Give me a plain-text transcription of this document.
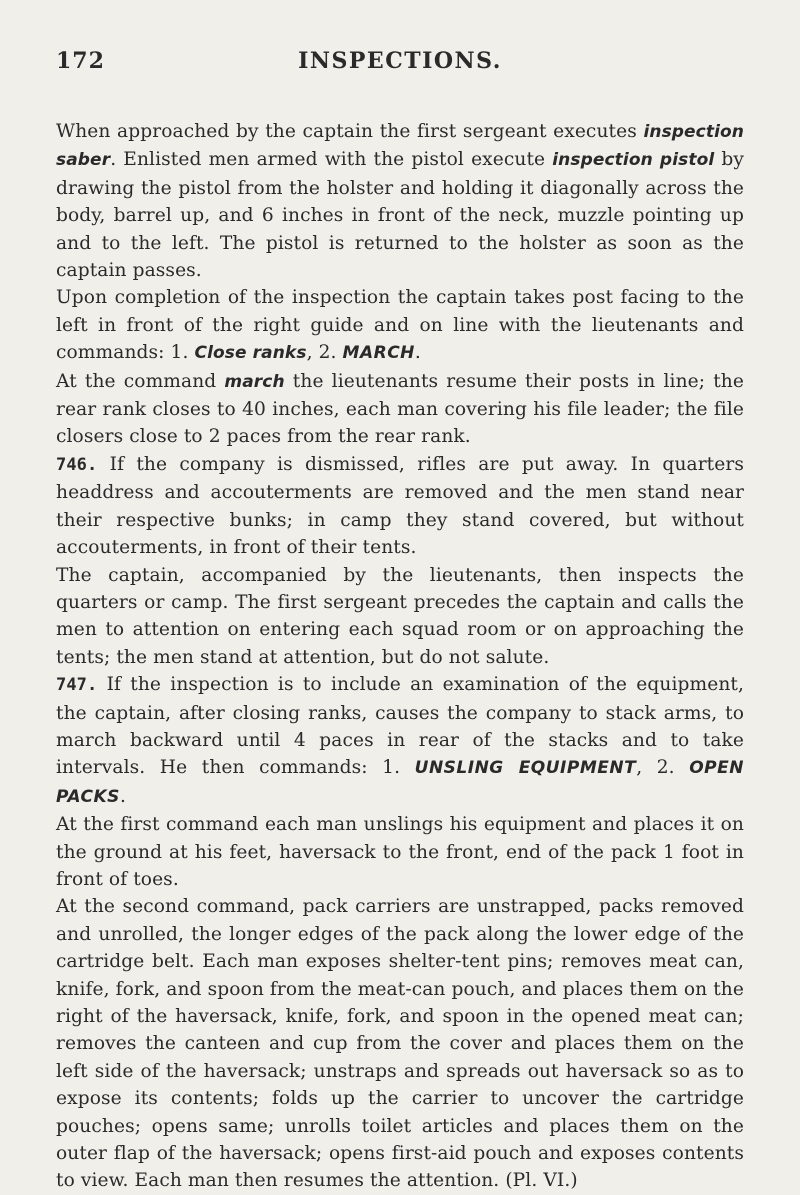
172	INSPECTIONS.

When approached by the captain the first sergeant executes inspection saber. Enlisted men armed with the pistol execute inspection pistol by drawing the pistol from the holster and holding it diagonally across the body, barrel up, and 6 inches in front of the neck, muzzle pointing up and to the left. The pistol is returned to the holster as soon as the captain passes.

Upon completion of the inspection the captain takes post facing to the left in front of the right guide and on line with the lieutenants and commands: 1. Close ranks, 2. MARCH.

At the command march the lieutenants resume their posts in line; the rear rank closes to 40 inches, each man covering his file leader; the file closers close to 2 paces from the rear rank.

746. If the company is dismissed, rifles are put away. In quarters headdress and accouterments are removed and the men stand near their respective bunks; in camp they stand covered, but without accouterments, in front of their tents.

The captain, accompanied by the lieutenants, then inspects the quarters or camp. The first sergeant precedes the captain and calls the men to attention on entering each squad room or on approaching the tents; the men stand at attention, but do not salute.

747. If the inspection is to include an examination of the equipment, the captain, after closing ranks, causes the company to stack arms, to march backward until 4 paces in rear of the stacks and to take intervals. He then commands: 1. UNSLING EQUIPMENT, 2. OPEN PACKS.

At the first command each man unslings his equipment and places it on the ground at his feet, haversack to the front, end of the pack 1 foot in front of toes.

At the second command, pack carriers are unstrapped, packs removed and unrolled, the longer edges of the pack along the lower edge of the cartridge belt. Each man exposes shelter-tent pins; removes meat can, knife, fork, and spoon from the meat-can pouch, and places them on the right of the haversack, knife, fork, and spoon in the opened meat can; removes the canteen and cup from the cover and places them on the left side of the haversack; unstraps and spreads out haversack so as to expose its contents; folds up the carrier to uncover the cartridge pouches; opens same; unrolls toilet articles and places them on the outer flap of the haversack; opens first-aid pouch and exposes contents to view. Each man then resumes the attention. (Pl. VI.)
